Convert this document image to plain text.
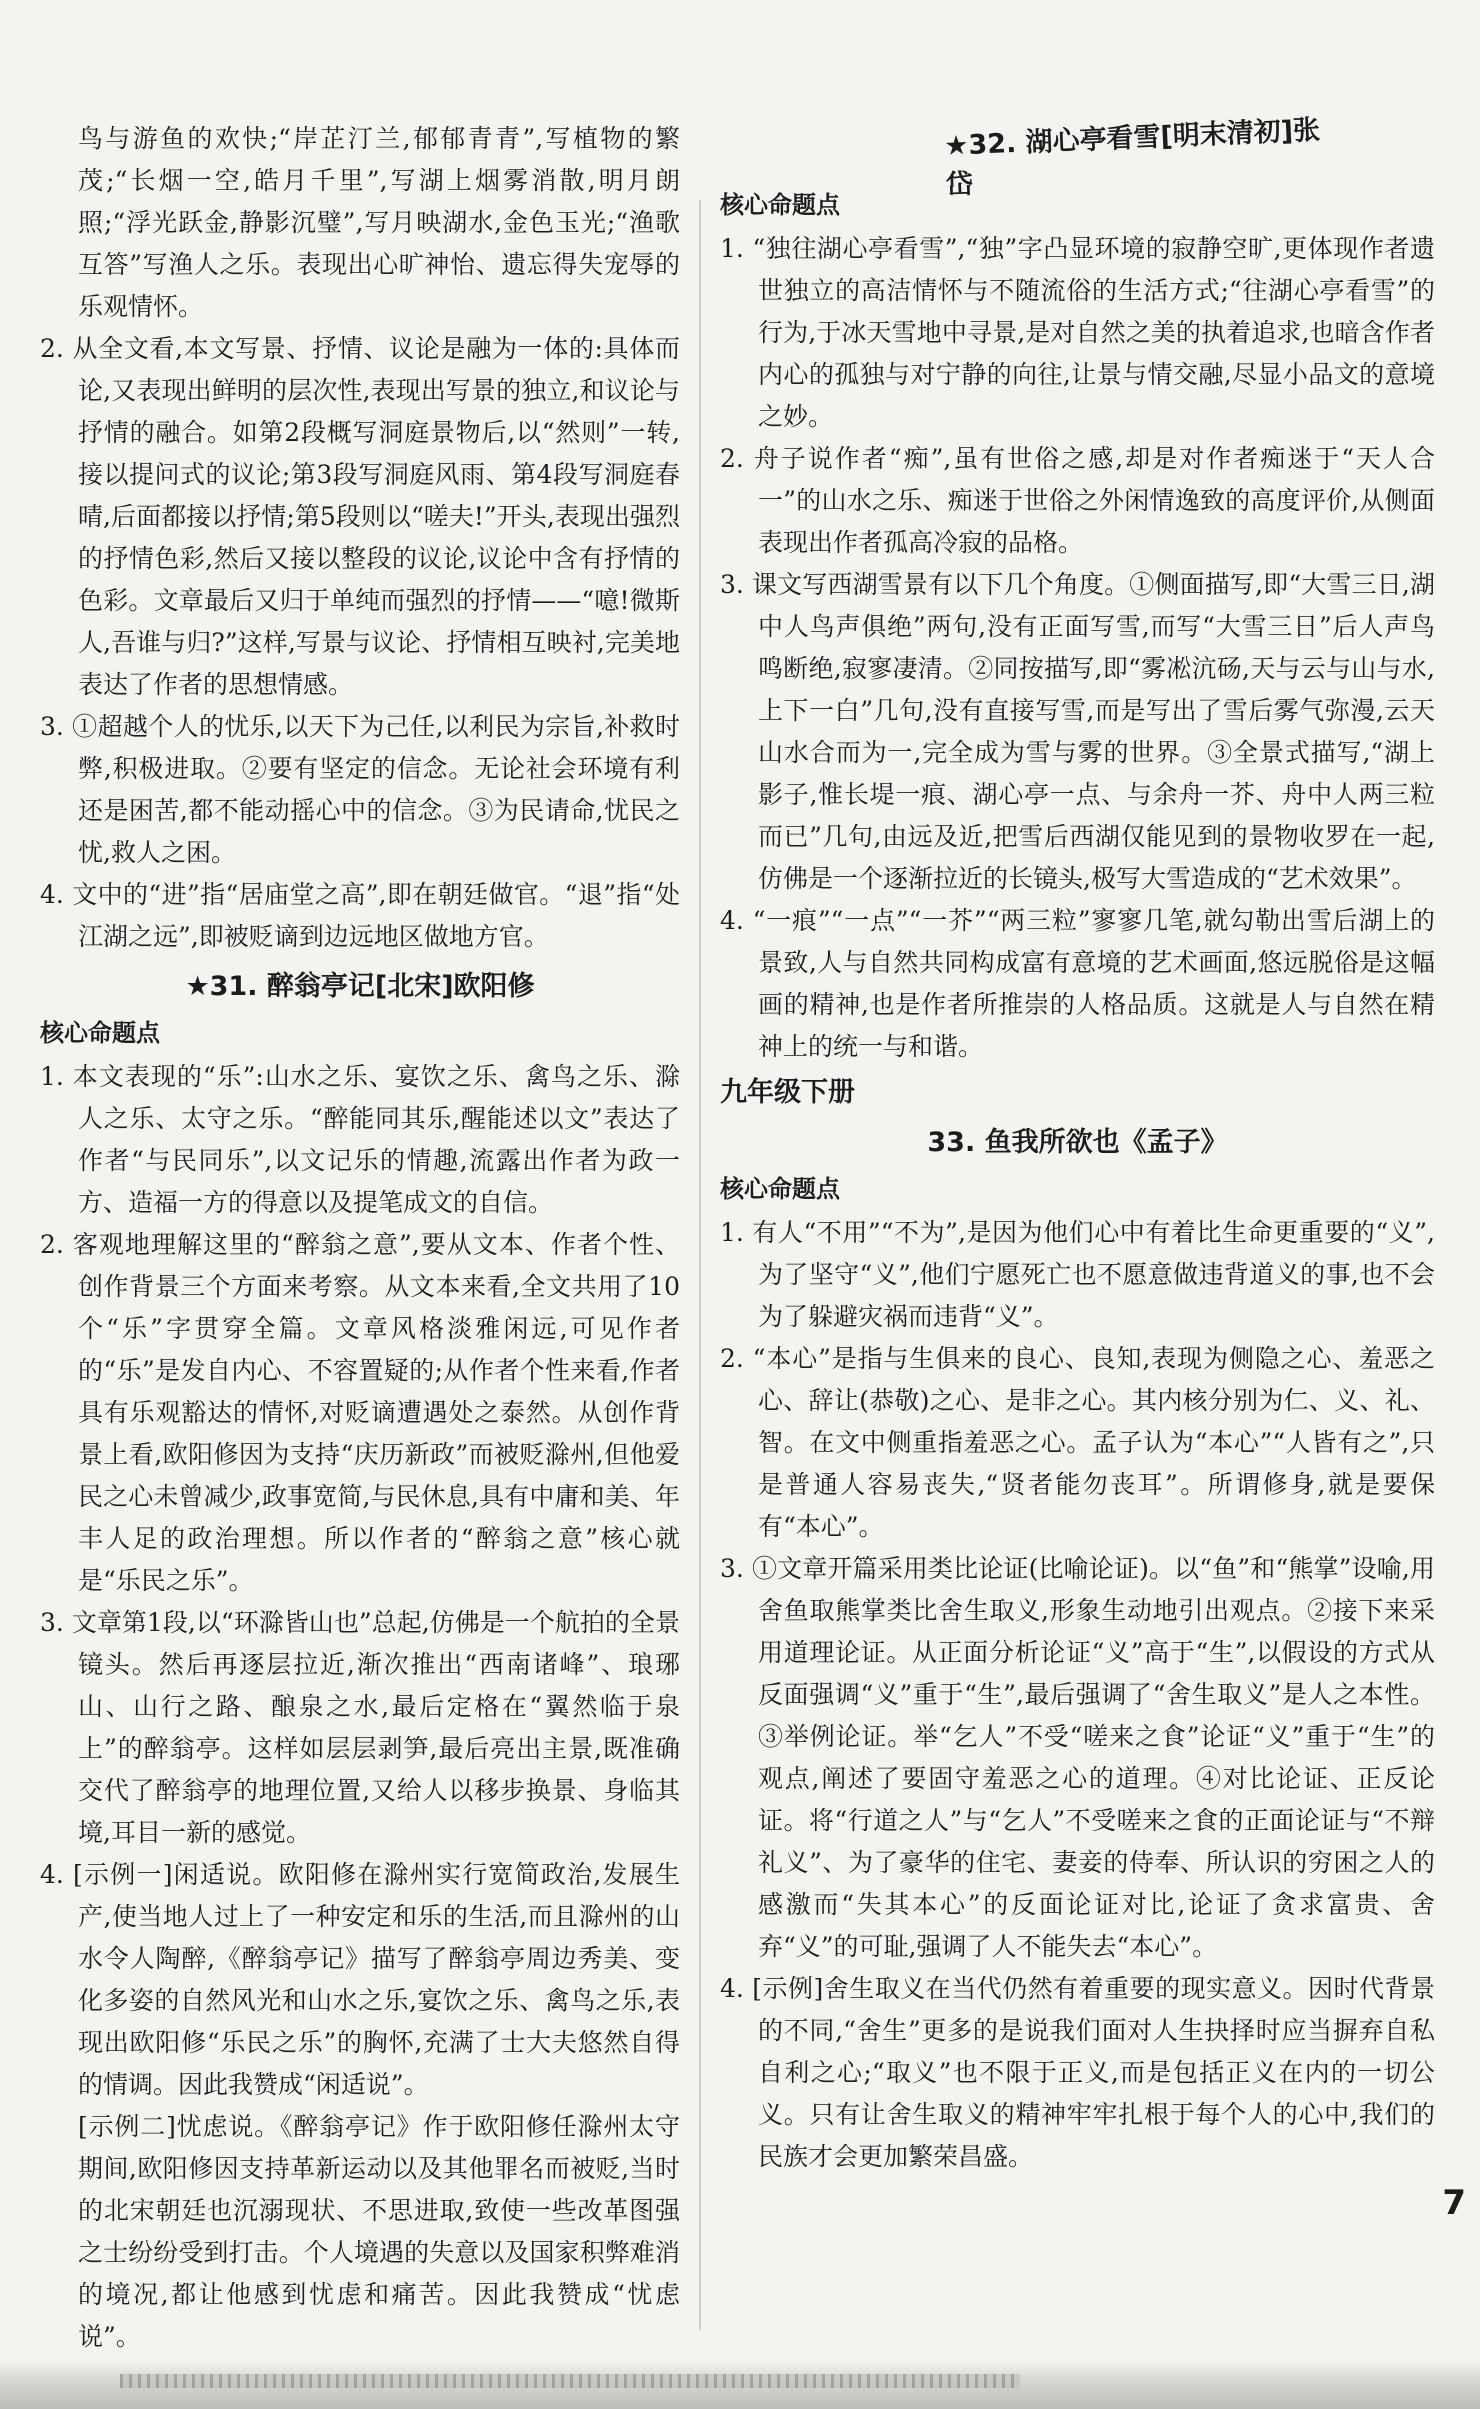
鸟与游鱼的欢快;“岸芷汀兰,郁郁青青”,写植物的繁茂;“长烟一空,皓月千里”,写湖上烟雾消散,明月朗照;“浮光跃金,静影沉璧”,写月映湖水,金色玉光;“渔歌互答”写渔人之乐。表现出心旷神怡、遗忘得失宠辱的乐观情怀。

2. 从全文看,本文写景、抒情、议论是融为一体的:具体而论,又表现出鲜明的层次性,表现出写景的独立,和议论与抒情的融合。如第2段概写洞庭景物后,以“然则”一转,接以提问式的议论;第3段写洞庭风雨、第4段写洞庭春晴,后面都接以抒情;第5段则以“嗟夫!”开头,表现出强烈的抒情色彩,然后又接以整段的议论,议论中含有抒情的色彩。文章最后又归于单纯而强烈的抒情——“噫!微斯人,吾谁与归?”这样,写景与议论、抒情相互映衬,完美地表达了作者的思想情感。

3. ①超越个人的忧乐,以天下为己任,以利民为宗旨,补救时弊,积极进取。②要有坚定的信念。无论社会环境有利还是困苦,都不能动摇心中的信念。③为民请命,忧民之忧,救人之困。

4. 文中的“进”指“居庙堂之高”,即在朝廷做官。“退”指“处江湖之远”,即被贬谪到边远地区做地方官。

★31. 醉翁亭记[北宋]欧阳修
核心命题点

1. 本文表现的“乐”:山水之乐、宴饮之乐、禽鸟之乐、滁人之乐、太守之乐。“醉能同其乐,醒能述以文”表达了作者“与民同乐”,以文记乐的情趣,流露出作者为政一方、造福一方的得意以及提笔成文的自信。

2. 客观地理解这里的“醉翁之意”,要从文本、作者个性、创作背景三个方面来考察。从文本来看,全文共用了10个“乐”字贯穿全篇。文章风格淡雅闲远,可见作者的“乐”是发自内心、不容置疑的;从作者个性来看,作者具有乐观豁达的情怀,对贬谪遭遇处之泰然。从创作背景上看,欧阳修因为支持“庆历新政”而被贬滁州,但他爱民之心未曾减少,政事宽简,与民休息,具有中庸和美、年丰人足的政治理想。所以作者的“醉翁之意”核心就是“乐民之乐”。

3. 文章第1段,以“环滁皆山也”总起,仿佛是一个航拍的全景镜头。然后再逐层拉近,渐次推出“西南诸峰”、琅琊山、山行之路、酿泉之水,最后定格在“翼然临于泉上”的醉翁亭。这样如层层剥笋,最后亮出主景,既准确交代了醉翁亭的地理位置,又给人以移步换景、身临其境,耳目一新的感觉。

4. [示例一]闲适说。欧阳修在滁州实行宽简政治,发展生产,使当地人过上了一种安定和乐的生活,而且滁州的山水令人陶醉,《醉翁亭记》描写了醉翁亭周边秀美、变化多姿的自然风光和山水之乐,宴饮之乐、禽鸟之乐,表现出欧阳修“乐民之乐”的胸怀,充满了士大夫悠然自得的情调。因此我赞成“闲适说”。

[示例二]忧虑说。《醉翁亭记》作于欧阳修任滁州太守期间,欧阳修因支持革新运动以及其他罪名而被贬,当时的北宋朝廷也沉溺现状、不思进取,致使一些改革图强之士纷纷受到打击。个人境遇的失意以及国家积弊难消的境况,都让他感到忧虑和痛苦。因此我赞成“忧虑说”。

★32. 湖心亭看雪[明末清初]张岱
核心命题点

1. “独往湖心亭看雪”,“独”字凸显环境的寂静空旷,更体现作者遗世独立的高洁情怀与不随流俗的生活方式;“往湖心亭看雪”的行为,于冰天雪地中寻景,是对自然之美的执着追求,也暗含作者内心的孤独与对宁静的向往,让景与情交融,尽显小品文的意境之妙。

2. 舟子说作者“痴”,虽有世俗之感,却是对作者痴迷于“天人合一”的山水之乐、痴迷于世俗之外闲情逸致的高度评价,从侧面表现出作者孤高冷寂的品格。

3. 课文写西湖雪景有以下几个角度。①侧面描写,即“大雪三日,湖中人鸟声俱绝”两句,没有正面写雪,而写“大雪三日”后人声鸟鸣断绝,寂寥凄清。②同按描写,即“雾凇沆砀,天与云与山与水,上下一白”几句,没有直接写雪,而是写出了雪后雾气弥漫,云天山水合而为一,完全成为雪与雾的世界。③全景式描写,“湖上影子,惟长堤一痕、湖心亭一点、与余舟一芥、舟中人两三粒而已”几句,由远及近,把雪后西湖仅能见到的景物收罗在一起,仿佛是一个逐渐拉近的长镜头,极写大雪造成的“艺术效果”。

4. “一痕”“一点”“一芥”“两三粒”寥寥几笔,就勾勒出雪后湖上的景致,人与自然共同构成富有意境的艺术画面,悠远脱俗是这幅画的精神,也是作者所推崇的人格品质。这就是人与自然在精神上的统一与和谐。

九年级下册
33. 鱼我所欲也《孟子》
核心命题点

1. 有人“不用”“不为”,是因为他们心中有着比生命更重要的“义”,为了坚守“义”,他们宁愿死亡也不愿意做违背道义的事,也不会为了躲避灾祸而违背“义”。

2. “本心”是指与生俱来的良心、良知,表现为侧隐之心、羞恶之心、辞让(恭敬)之心、是非之心。其内核分别为仁、义、礼、智。在文中侧重指羞恶之心。孟子认为“本心”“人皆有之”,只是普通人容易丧失,“贤者能勿丧耳”。所谓修身,就是要保有“本心”。

3. ①文章开篇采用类比论证(比喻论证)。以“鱼”和“熊掌”设喻,用舍鱼取熊掌类比舍生取义,形象生动地引出观点。②接下来采用道理论证。从正面分析论证“义”高于“生”,以假设的方式从反面强调“义”重于“生”,最后强调了“舍生取义”是人之本性。③举例论证。举“乞人”不受“嗟来之食”论证“义”重于“生”的观点,阐述了要固守羞恶之心的道理。④对比论证、正反论证。将“行道之人”与“乞人”不受嗟来之食的正面论证与“不辩礼义”、为了豪华的住宅、妻妾的侍奉、所认识的穷困之人的感激而“失其本心”的反面论证对比,论证了贪求富贵、舍弃“义”的可耻,强调了人不能失去“本心”。

4. [示例]舍生取义在当代仍然有着重要的现实意义。因时代背景的不同,“舍生”更多的是说我们面对人生抉择时应当摒弃自私自利之心;“取义”也不限于正义,而是包括正义在内的一切公义。只有让舍生取义的精神牢牢扎根于每个人的心中,我们的民族才会更加繁荣昌盛。

7
